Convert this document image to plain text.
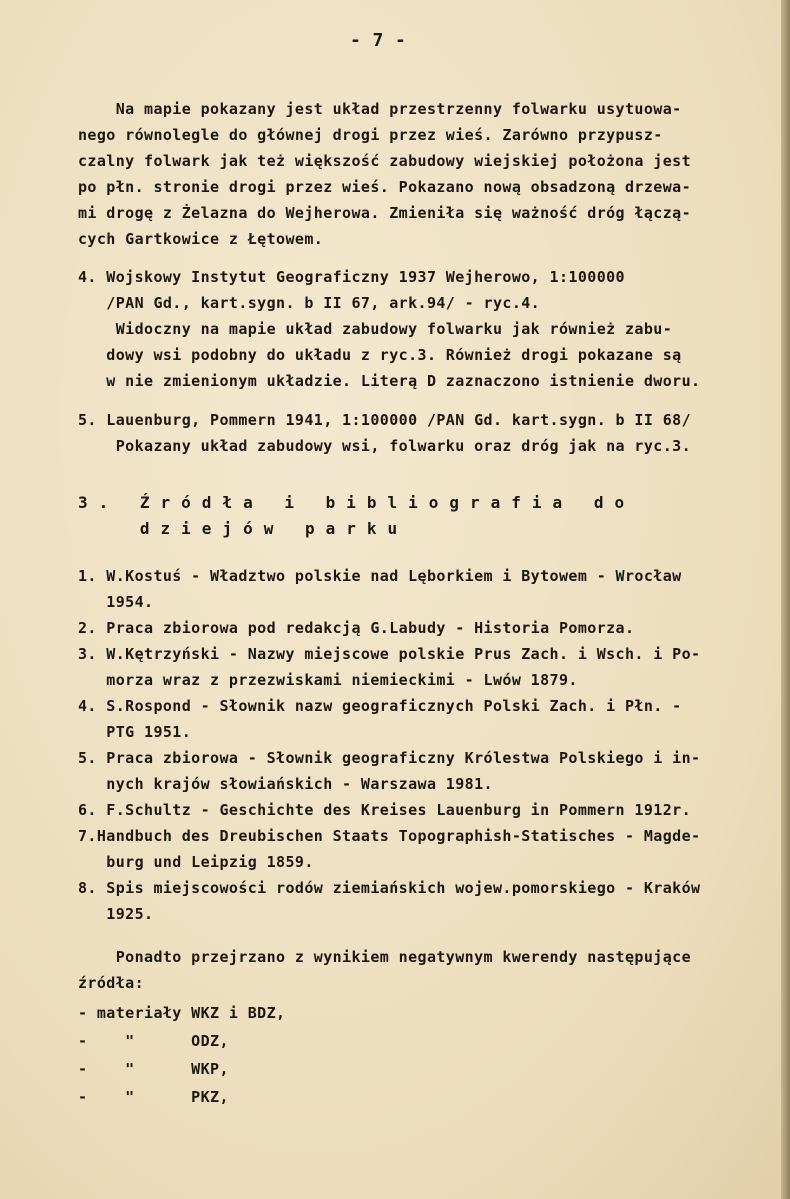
- 7 -
Na mapie pokazany jest układ przestrzenny folwarku usytuowa-
nego równolegle do głównej drogi przez wieś. Zarówno przypusz-
czalny folwark jak też większość zabudowy wiejskiej położona jest
po płn. stronie drogi przez wieś. Pokazano nową obsadzoną drzewa-
mi drogę z Żelazna do Wejherowa. Zmieniła się ważność dróg łączą-
cych Gartkowice z Łętowem.
4. Wojskowy Instytut Geograficzny 1937 Wejherowo, 1:100000
/PAN Gd., kart.sygn. b II 67, ark.94/ - ryc.4.
Widoczny na mapie układ zabudowy folwarku jak również zabu-
dowy wsi podobny do układu z ryc.3. Również drogi pokazane są
w nie zmienionym układzie. Literą D zaznaczono istnienie dworu.
5. Lauenburg, Pommern 1941, 1:100000 /PAN Gd. kart.sygn. b II 68/
Pokazany układ zabudowy wsi, folwarku oraz dróg jak na ryc.3.
3. Źródła i bibliografia do
dziejów parku
1. W.Kostuś - Władztwo polskie nad Lęborkiem i Bytowem - Wrocław
1954.
2. Praca zbiorowa pod redakcją G.Labudy - Historia Pomorza.
3. W.Kętrzyński - Nazwy miejscowe polskie Prus Zach. i Wsch. i Po-
morza wraz z przezwiskami niemieckimi - Lwów 1879.
4. S.Rospond - Słownik nazw geograficznych Polski Zach. i Płn. -
PTG 1951.
5. Praca zbiorowa - Słownik geograficzny Królestwa Polskiego i in-
nych krajów słowiańskich - Warszawa 1981.
6. F.Schultz - Geschichte des Kreises Lauenburg in Pommern 1912r.
7.Handbuch des Dreubischen Staats Topographish-Statisches - Magde-
burg und Leipzig 1859.
8. Spis miejscowości rodów ziemiańskich wojew.pomorskiego - Kraków
1925.
Ponadto przejrzano z wynikiem negatywnym kwerendy następujące
źródła:
- materiały WKZ i BDZ,
-    "      ODZ,
-    "      WKP,
-    "      PKZ,
